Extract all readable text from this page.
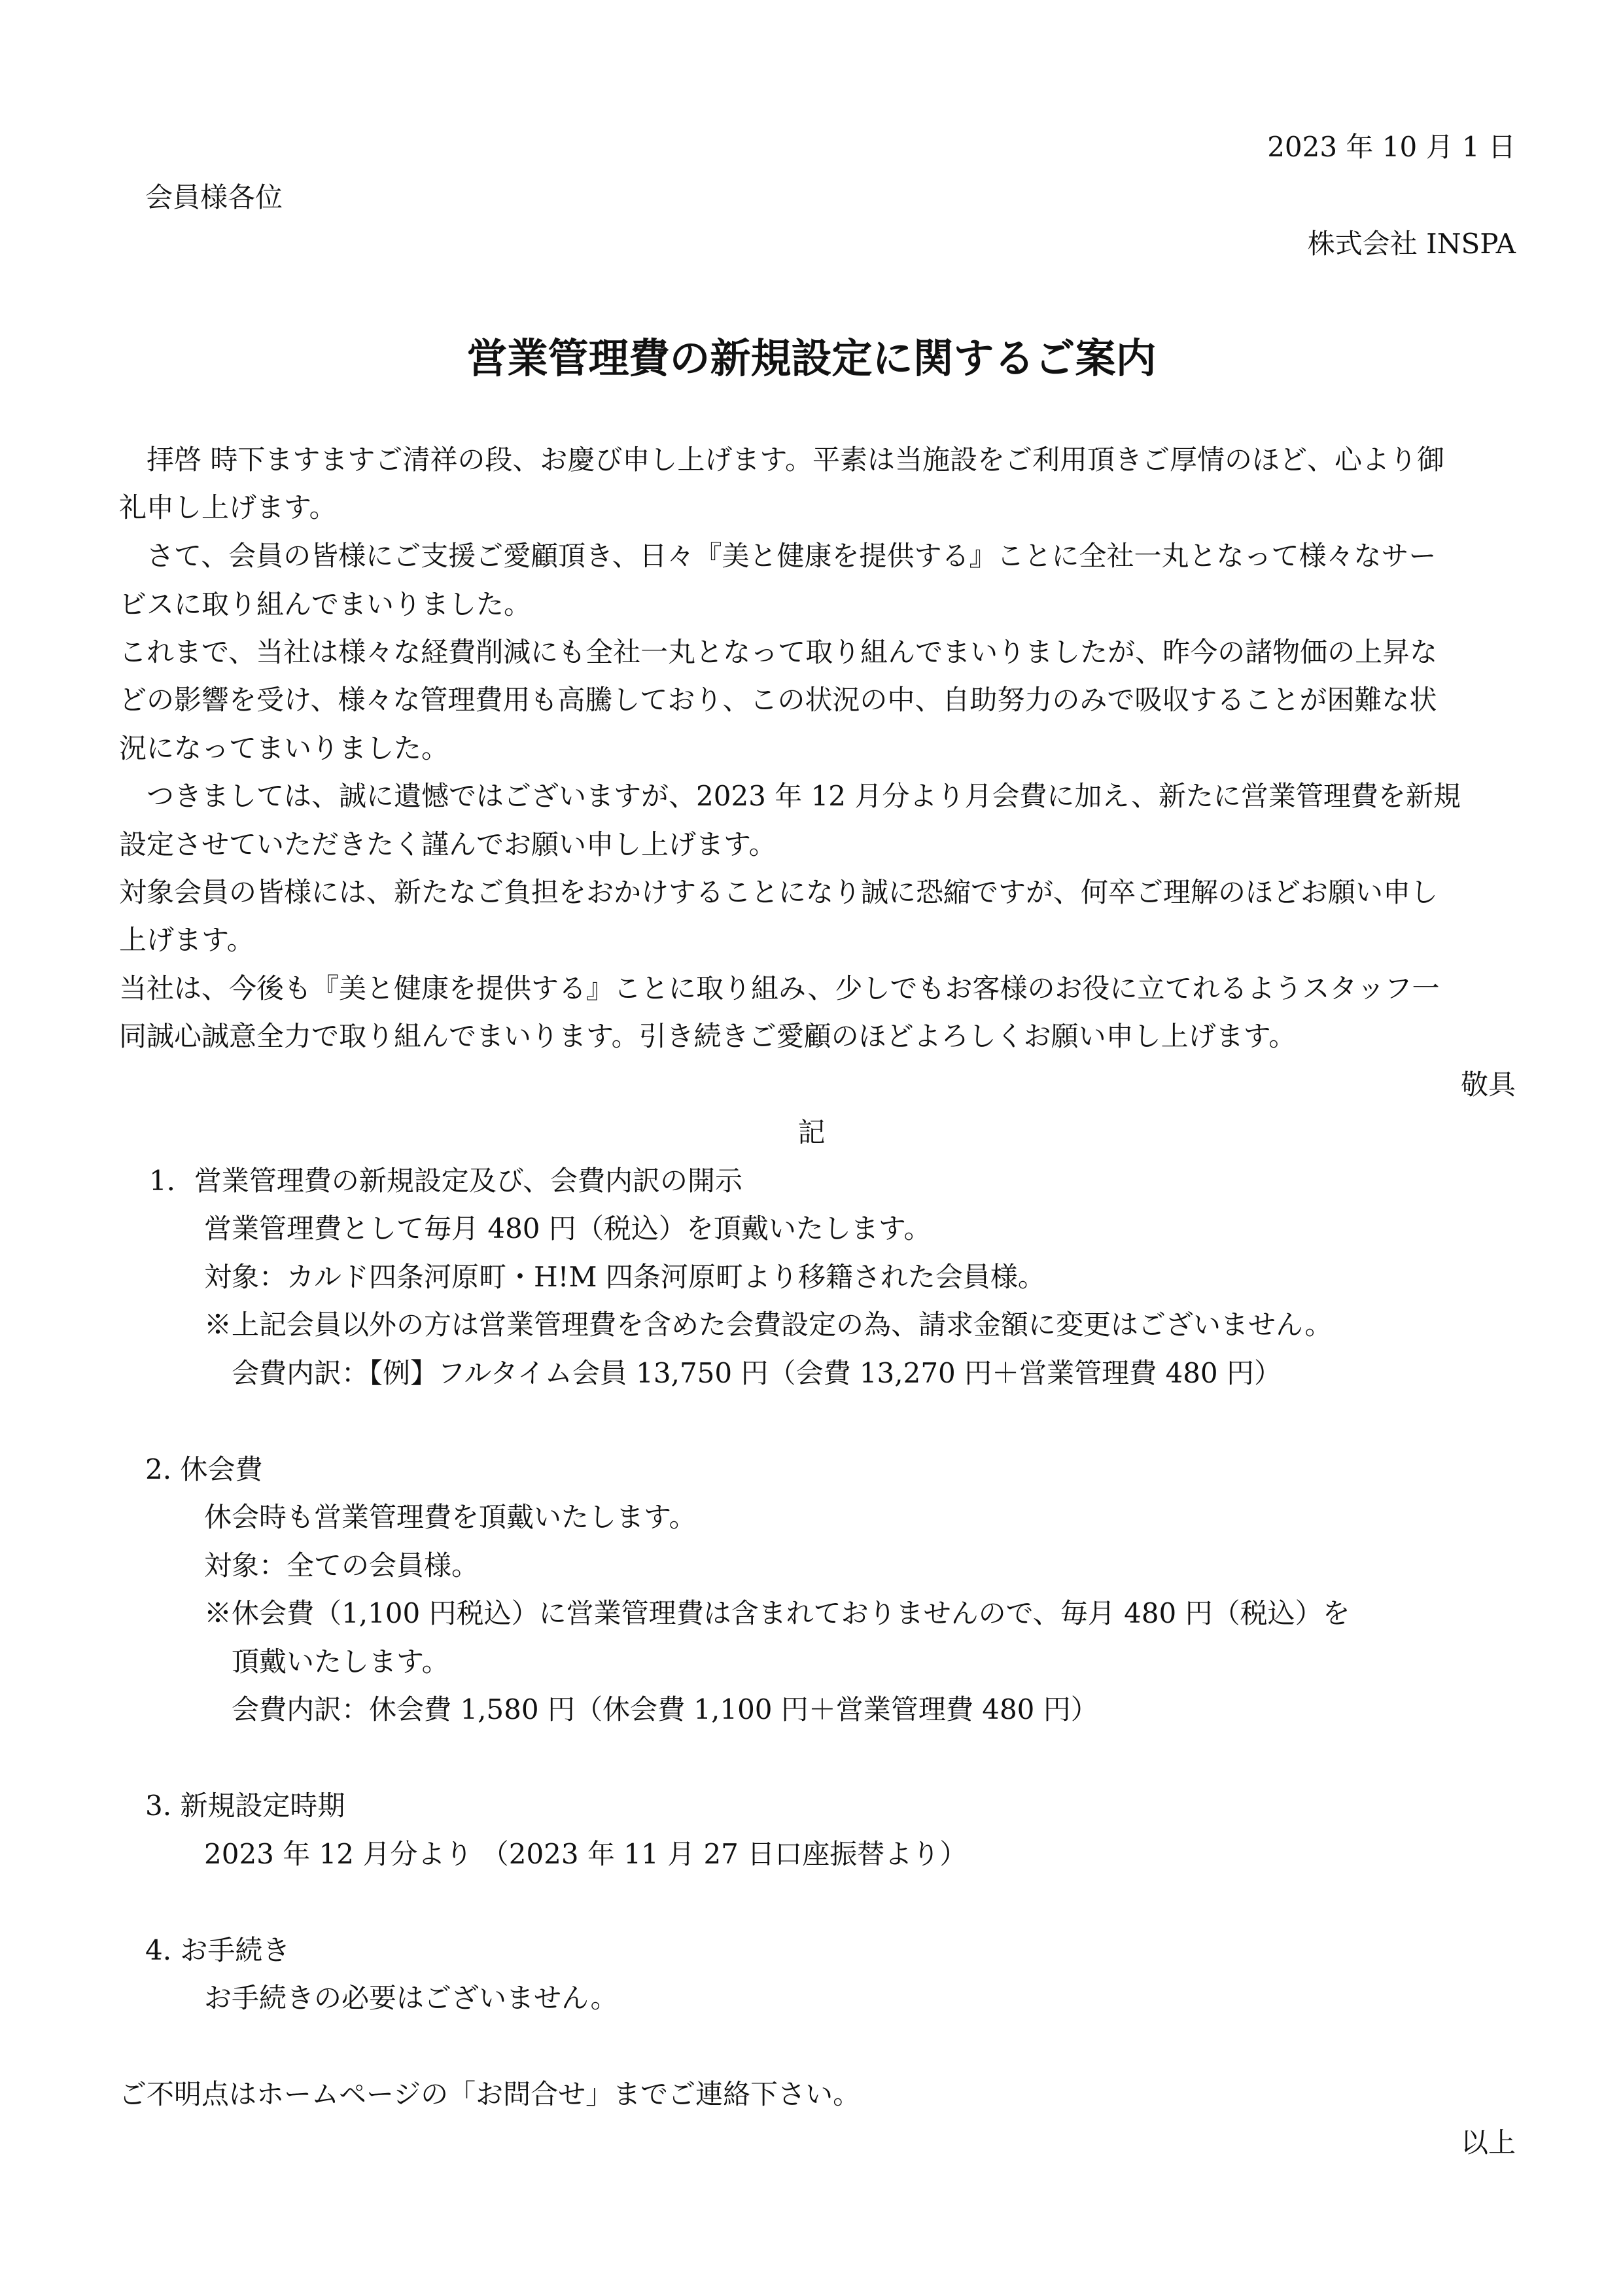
2023 年 10 月 1 日
会員様各位
株式会社 INSPA
営業管理費の新規設定に関するご案内
　拝啓 時下ますますご清祥の段、お慶び申し上げます。平素は当施設をご利用頂きご厚情のほど、心より御
礼申し上げます。
　さて、会員の皆様にご支援ご愛顧頂き、日々『美と健康を提供する』ことに全社一丸となって様々なサー
ビスに取り組んでまいりました。
これまで、当社は様々な経費削減にも全社一丸となって取り組んでまいりましたが、昨今の諸物価の上昇な
どの影響を受け、様々な管理費用も高騰しており、この状況の中、自助努力のみで吸収することが困難な状
況になってまいりました。
　つきましては、誠に遺憾ではございますが、2023 年 12 月分より月会費に加え、新たに営業管理費を新規
設定させていただきたく謹んでお願い申し上げます。
対象会員の皆様には、新たなご負担をおかけすることになり誠に恐縮ですが、何卒ご理解のほどお願い申し
上げます。
当社は、今後も『美と健康を提供する』ことに取り組み、少しでもお客様のお役に立てれるようスタッフ一
同誠心誠意全力で取り組んでまいります。引き続きご愛顧のほどよろしくお願い申し上げます。
敬具
記
1．営業管理費の新規設定及び、会費内訳の開示
営業管理費として毎月 480 円（税込）を頂戴いたします。
対象：カルド四条河原町・H!M 四条河原町より移籍された会員様。
※上記会員以外の方は営業管理費を含めた会費設定の為、請求金額に変更はございません。
　会費内訳：【例】フルタイム会員 13,750 円（会費 13,270 円＋営業管理費 480 円）
2. 休会費
休会時も営業管理費を頂戴いたします。
対象：全ての会員様。
※休会費（1,100 円税込）に営業管理費は含まれておりませんので、毎月 480 円（税込）を
　頂戴いたします。
　会費内訳：休会費 1,580 円（休会費 1,100 円＋営業管理費 480 円）
3. 新規設定時期
2023 年 12 月分より （2023 年 11 月 27 日口座振替より）
4. お手続き
お手続きの必要はございません。
ご不明点はホームページの「お問合せ」までご連絡下さい。
以上
